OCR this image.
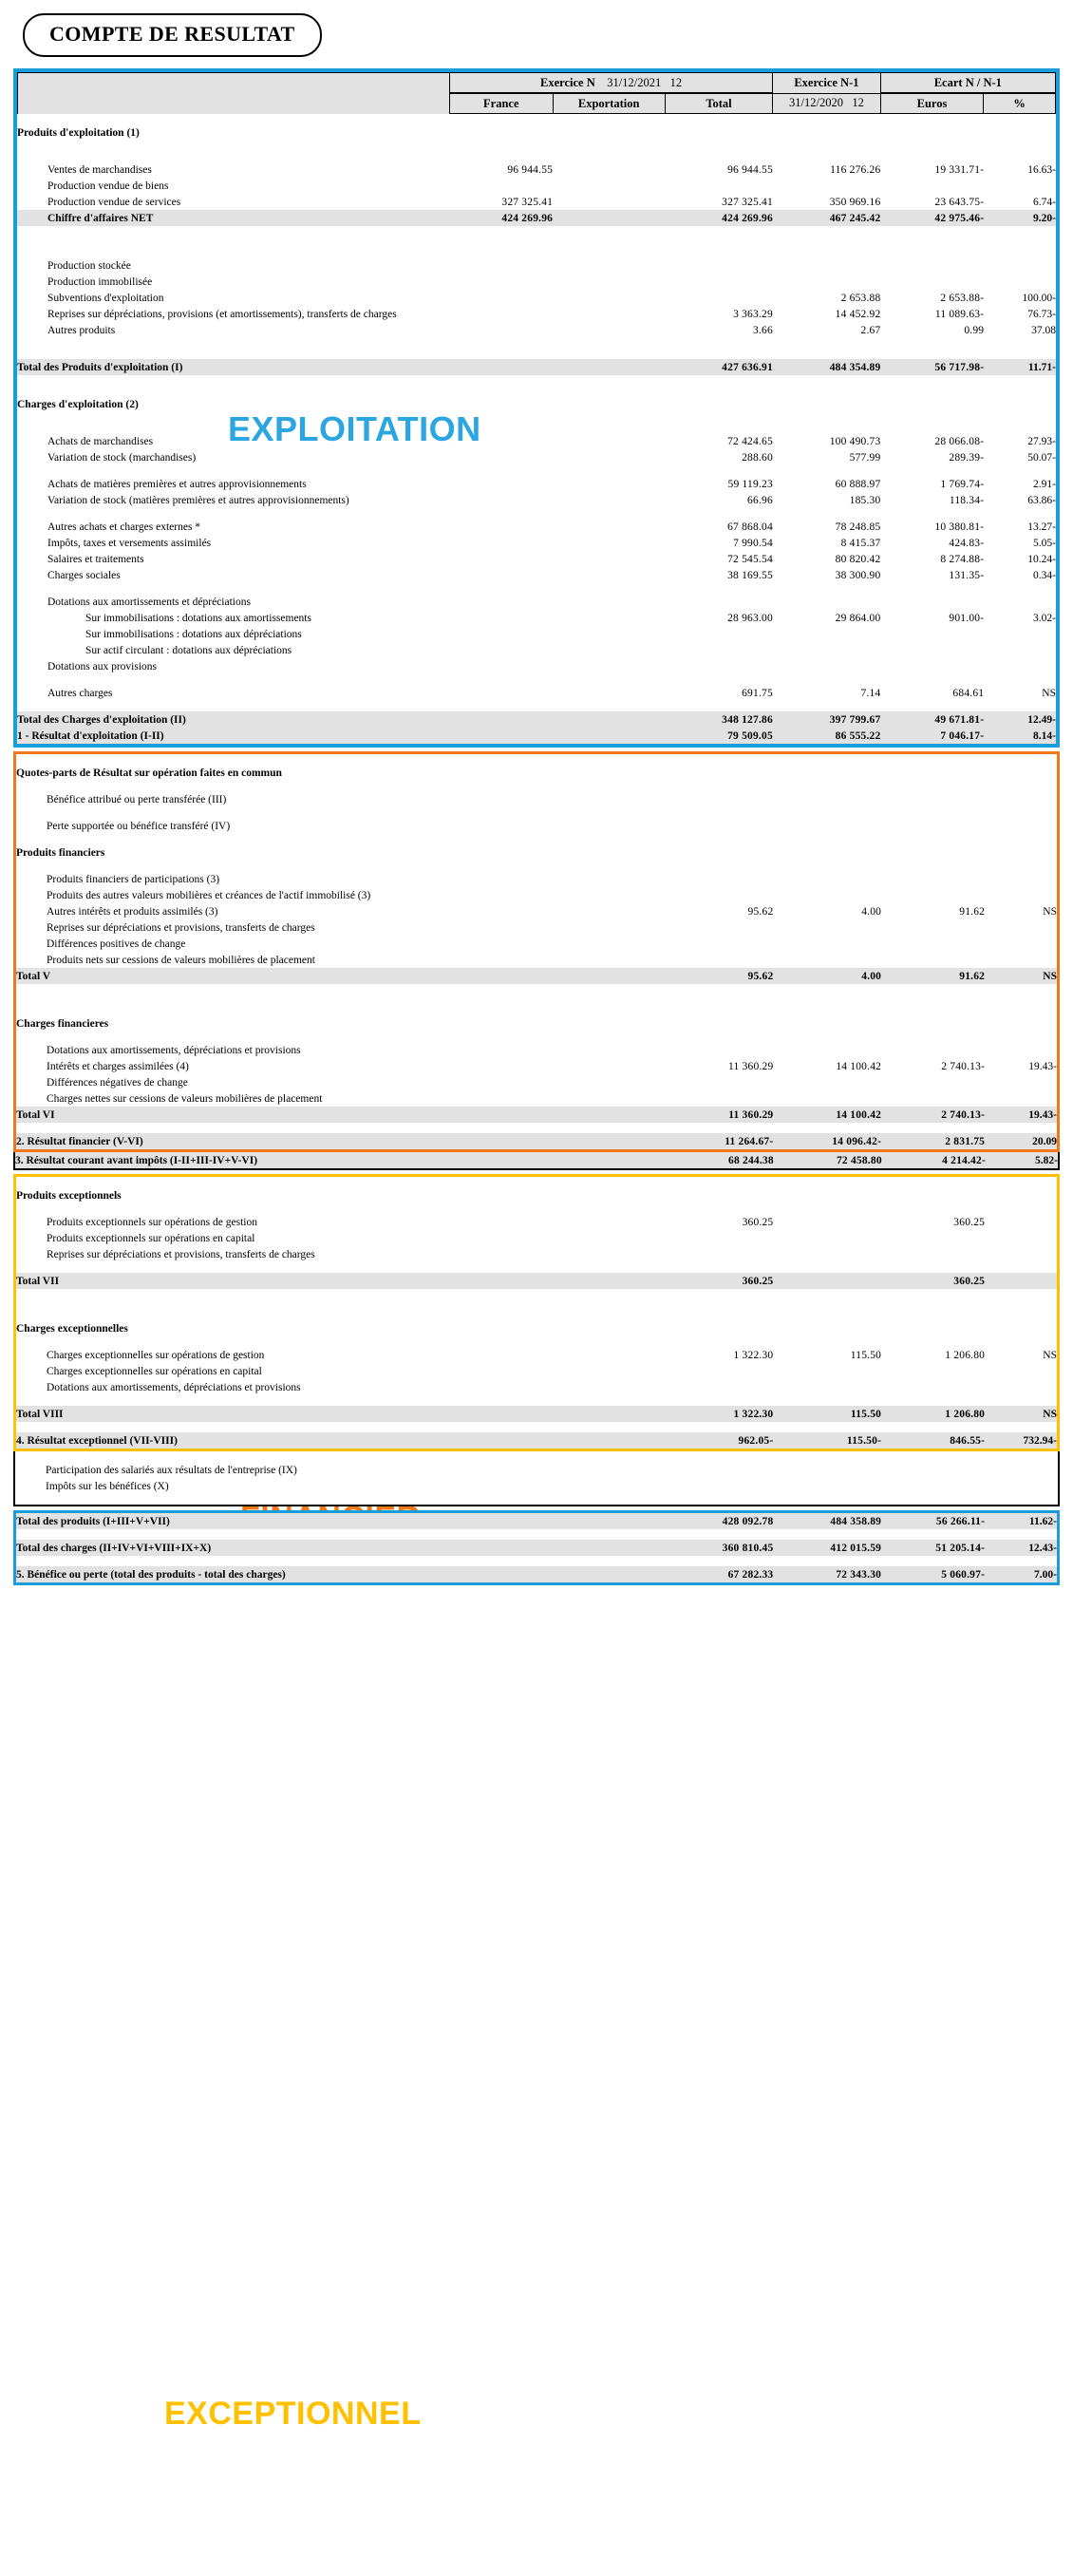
COMPTE DE RESULTAT
	Exercice N 31/12/2021 12			Exercice N-1	Ecart N / N-1	
	France	Exportation	Total	31/12/2020 12	Euros	%
EXPLOITATION

Produits d'exploitation (1)						

Ventes de marchandises	96 944.55		96 944.55	116 276.26	19 331.71-	16.63-
Production vendue de biens						
Production vendue de services	327 325.41		327 325.41	350 969.16	23 643.75-	6.74-
Chiffre d'affaires NET	424 269.96		424 269.96	467 245.42	42 975.46-	9.20-

Production stockée						
Production immobilisée						
Subventions d'exploitation				2 653.88	2 653.88-	100.00-
Reprises sur dépréciations, provisions (et amortissements), transferts de charges			3 363.29	14 452.92	11 089.63-	76.73-
Autres produits			3.66	2.67	0.99	37.08

Total des Produits d'exploitation (I)			427 636.91	484 354.89	56 717.98-	11.71-

Charges d'exploitation (2)						

Achats de marchandises			72 424.65	100 490.73	28 066.08-	27.93-
Variation de stock (marchandises)			288.60	577.99	289.39-	50.07-

Achats de matières premières et autres approvisionnements			59 119.23	60 888.97	1 769.74-	2.91-
Variation de stock (matières premières et autres approvisionnements)			66.96	185.30	118.34-	63.86-

Autres achats et charges externes *			67 868.04	78 248.85	10 380.81-	13.27-
Impôts, taxes et versements assimilés			7 990.54	8 415.37	424.83-	5.05-
Salaires et traitements			72 545.54	80 820.42	8 274.88-	10.24-
Charges sociales			38 169.55	38 300.90	131.35-	0.34-

Dotations aux amortissements et dépréciations						
Sur immobilisations : dotations aux amortissements			28 963.00	29 864.00	901.00-	3.02-
Sur immobilisations : dotations aux dépréciations						
Sur actif circulant : dotations aux dépréciations						
Dotations aux provisions						

Autres charges			691.75	7.14	684.61	NS

Total des Charges d'exploitation (II)			348 127.86	397 799.67	49 671.81-	12.49-
1 - Résultat d'exploitation (I-II)			79 509.05	86 555.22	7 046.17-	8.14-

Quotes-parts de Résultat sur opération faites en commun						

Bénéfice attribué ou perte transférée (III)						

Perte supportée ou bénéfice transféré (IV)						

Produits financiers						

Produits financiers de participations (3)						
Produits des autres valeurs mobilières et créances de l'actif immobilisé (3)						
Autres intérêts et produits assimilés (3)			95.62	4.00	91.62	NS
Reprises sur dépréciations et provisions, transferts de charges						
Différences positives de change						
Produits nets sur cessions de valeurs mobilières de placement						
Total V			95.62	4.00	91.62	NS

Charges financieres						

Dotations aux amortissements, dépréciations et provisions						
Intérêts et charges assimilées (4)			11 360.29	14 100.42	2 740.13-	19.43-
Différences négatives de change						
Charges nettes sur cessions de valeurs mobilières de placement						
Total VI			11 360.29	14 100.42	2 740.13-	19.43-

2. Résultat financier (V-VI)			11 264.67-	14 096.42-	2 831.75	20.09
3. Résultat courant avant impôts (I-II+III-IV+V-VI)			68 244.38	72 458.80	4 214.42-	5.82-
EXCEPTIONNEL

Produits exceptionnels						

Produits exceptionnels sur opérations de gestion			360.25		360.25	
Produits exceptionnels sur opérations en capital						
Reprises sur dépréciations et provisions, transferts de charges						

Total VII			360.25		360.25	

Charges exceptionnelles						

Charges exceptionnelles sur opérations de gestion			1 322.30	115.50	1 206.80	NS
Charges exceptionnelles sur opérations en capital						
Dotations aux amortissements, dépréciations et provisions						

Total VIII			1 322.30	115.50	1 206.80	NS

4. Résultat exceptionnel (VII-VIII)			962.05-	115.50-	846.55-	732.94-

Participation des salariés aux résultats de l'entreprise (IX)						
Impôts sur les bénéfices (X)						

Total des produits (I+III+V+VII)			428 092.78	484 358.89	56 266.11-	11.62-

Total des charges (II+IV+VI+VIII+IX+X)			360 810.45	412 015.59	51 205.14-	12.43-

5. Bénéfice ou perte (total des produits - total des charges)			67 282.33	72 343.30	5 060.97-	7.00-
